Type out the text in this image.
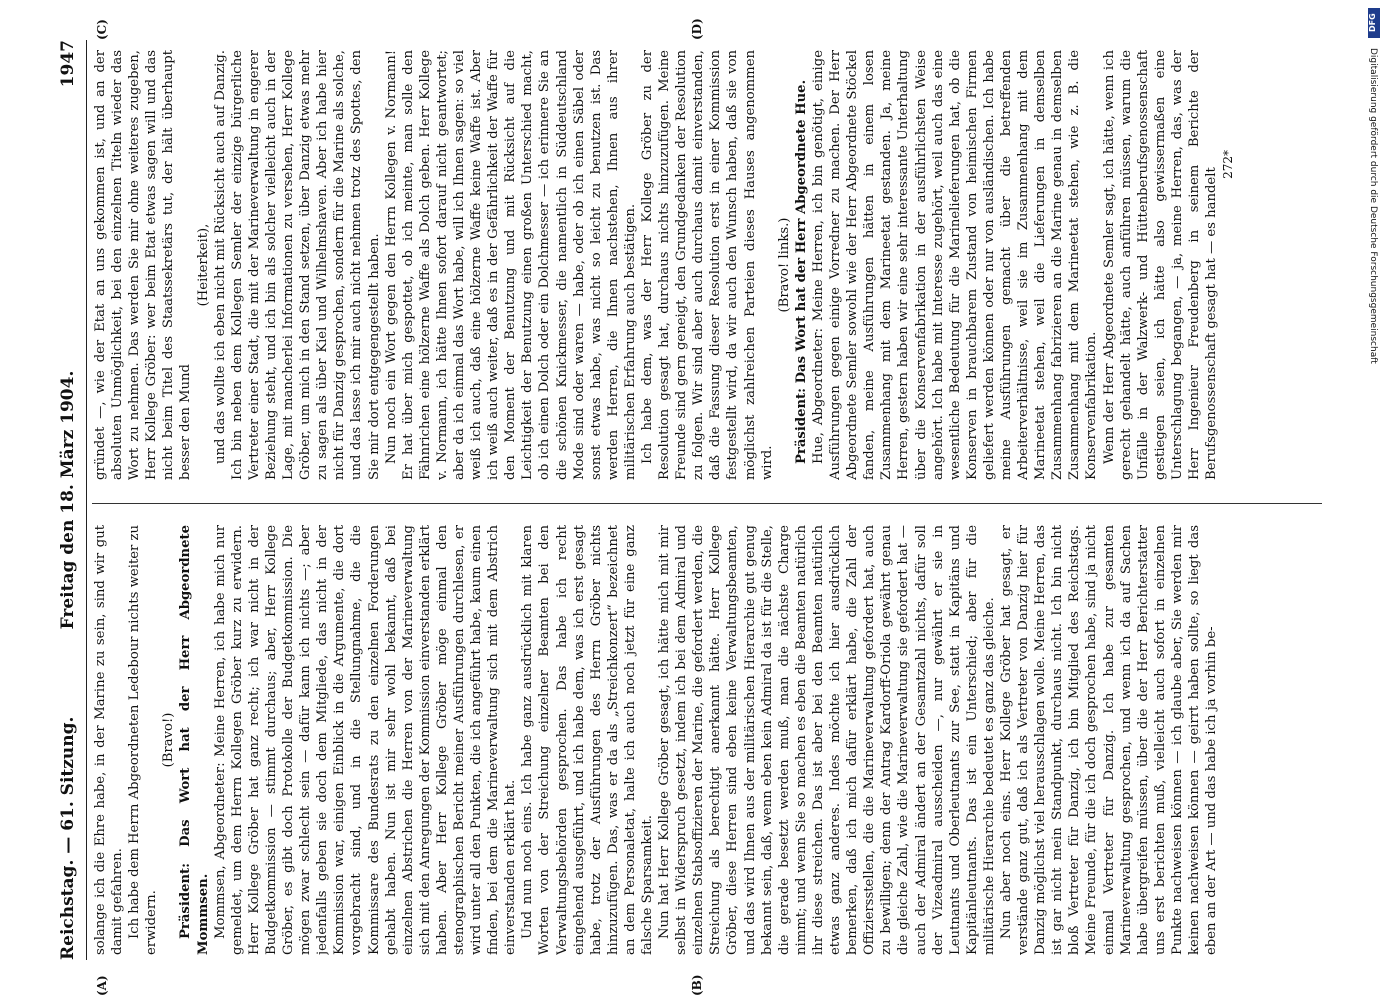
Reichstag. — 61. Sitzung.
Freitag den 18. März 1904.
1947
(A)	(B)
(C)	(D)

solange ich die Ehre habe, in der Marine zu sein, sind wir gut damit gefahren. Ich habe dem Herrn Abgeordneten Ledebour nichts weiter zu erwidern.

(Bravo!) Präsident: Das Wort hat der Herr Abgeordnete Mommsen. Mommsen, Abgeordneter: Meine Herren, ich habe mich nur gemeldet, um dem Herrn Kollegen Gröber kurz zu erwidern. Herr Kollege Gröber hat ganz recht; ich war nicht in der Budgetkommission — stimmt durchaus; aber, Herr Kollege Gröber, es gibt doch Protokolle der Budgetkommission. Die mögen zwar schlecht sein — dafür kann ich nichts —; aber jedenfalls geben sie doch dem Mitgliede, das nicht in der Kommission war, einigen Einblick in die Argumente, die dort vorgebracht sind, und in die Stellungnahme, die die Kommissare des Bundesrats zu den einzelnen Forderungen gehabt haben. Nun ist mir sehr wohl bekannt, daß bei einzelnen Abstrichen die Herren von der Marineverwaltung sich mit den Anregungen der Kommission einverstanden erklärt haben. Aber Herr Kollege Gröber möge einmal den stenographischen Bericht meiner Ausführungen durchlesen, er wird unter all den Punkten, die ich angeführt habe, kaum einen finden, bei dem die Marineverwaltung sich mit dem Abstrich einverstanden erklärt hat. Und nun noch eins. Ich habe ganz ausdrücklich mit klaren Worten von der Streichung einzelner Beamten bei den Verwaltungsbehörden gesprochen. Das habe ich recht eingehend ausgeführt, und ich habe dem, was ich erst gesagt habe, trotz der Ausführungen des Herrn Gröber nichts hinzuzufügen. Das, was er da als „Streichkonzert“ bezeichnet an dem Personaletat, halte ich auch noch jetzt für eine ganz falsche Sparsamkeit. Nun hat Herr Kollege Gröber gesagt, ich hätte mich mit mir selbst in Widerspruch gesetzt, indem ich bei dem Admiral und einzelnen Stabsoffizieren der Marine, die gefordert werden, die Streichung als berechtigt anerkannt hätte. Herr Kollege Gröber, diese Herren sind eben keine Verwaltungsbeamten, und das wird Ihnen aus der militärischen Hierarchie gut genug bekannt sein, daß, wenn eben kein Admiral da ist für die Stelle, die gerade besetzt werden muß, man die nächste Charge nimmt; und wenn Sie so machen es eben die Beamten natürlich ihr diese streichen. Das ist aber bei den Beamten natürlich etwas ganz anderes. Indes möchte ich hier ausdrücklich bemerken, daß ich mich dafür erklärt habe, die Zahl der Offiziersstellen, die die Marineverwaltung gefordert hat, auch zu bewilligen; denn der Antrag Kardorff-Oriola gewährt genau die gleiche Zahl, wie die Marineverwaltung sie gefordert hat — auch der Admiral ändert an der Gesamtzahl nichts, dafür soll der Vizeadmiral ausscheiden —, nur gewährt er sie in Leutnants und Oberleutnants zur See, statt in Kapitäns und Kapitänleutnants. Das ist ein Unterschied; aber für die militärische Hierarchie bedeutet es ganz das gleiche. Nun aber noch eins. Herr Kollege Gröber hat gesagt, er verstände ganz gut, daß ich als Vertreter von Danzig hier für Danzig möglichst viel herausschlagen wolle. Meine Herren, das ist gar nicht mein Standpunkt, durchaus nicht. Ich bin nicht bloß Vertreter für Danzig, ich bin Mitglied des Reichstags. Meine Freunde, für die ich doch gesprochen habe, sind ja nicht einmal Vertreter für Danzig. Ich habe zur gesamten Marineverwaltung gesprochen, und wenn ich da auf Sachen habe übergreifen müssen, über die der Herr Berichterstatter uns erst berichten muß, vielleicht auch sofort in einzelnen Punkte nachweisen können — ich glaube aber, Sie werden mir keinen nachweisen können — geirrt haben sollte, so liegt das eben an der Art — und das habe ich ja vorhin be-

gründet —, wie der Etat an uns gekommen ist, und an der absoluten Unmöglichkeit, bei den einzelnen Titeln wieder das Wort zu nehmen. Das werden Sie mir ohne weiteres zugeben, Herr Kollege Gröber: wer beim Etat etwas sagen will und das nicht beim Titel des Staatssekretärs tut, der hält überhaupt besser den Mund

(Heiterkeit), und das wollte ich eben nicht mit Rücksicht auch auf Danzig. Ich bin neben dem Kollegen Semler der einzige bürgerliche Vertreter einer Stadt, die mit der Marineverwaltung in engerer Beziehung steht, und ich bin als solcher vielleicht auch in der Lage, mit mancherlei Informationen zu versehen, Herr Kollege Gröber, um mich in den Stand setzen, über Danzig etwas mehr zu sagen als über Kiel und Wilhelmshaven. Aber ich habe hier nicht für Danzig gesprochen, sondern für die Marine als solche, und das lasse ich mir auch nicht nehmen trotz des Spottes, den Sie mir dort entgegengestellt haben. Nun noch ein Wort gegen den Herrn Kollegen v. Normann! Er hat über mich gespottet, ob ich meinte, man solle den Fähnrichen eine hölzerne Waffe als Dolch geben. Herr Kollege v. Normann, ich hätte Ihnen sofort darauf nicht geantwortet; aber da ich einmal das Wort habe, will ich Ihnen sagen: so viel weiß ich auch, daß eine hölzerne Waffe keine Waffe ist. Aber ich weiß auch weiter, daß es in der Gefährlichkeit der Waffe für den Moment der Benutzung und mit Rücksicht auf die Leichtigkeit der Benutzung einen großen Unterschied macht, ob ich einen Dolch oder ein Dolchmesser — ich erinnere Sie an die schönen Knickmesser, die namentlich in Süddeutschland Mode sind oder waren — habe, oder ob ich einen Säbel oder sonst etwas habe, was nicht so leicht zu benutzen ist. Das werden Herren, die Ihnen nachstehen, Ihnen aus ihrer militärischen Erfahrung auch bestätigen. Ich habe dem, was der Herr Kollege Gröber zu der Resolution gesagt hat, durchaus nichts hinzuzufügen. Meine Freunde sind gern geneigt, den Grundgedanken der Resolution zu folgen. Wir sind aber auch durchaus damit einverstanden, daß die Fassung dieser Resolution erst in einer Kommission festgestellt wird, da wir auch den Wunsch haben, daß sie von möglichst zahlreichen Parteien dieses Hauses angenommen wird.

(Bravo! links.) Präsident: Das Wort hat der Herr Abgeordnete Hue. Hue, Abgeordneter: Meine Herren, ich bin genötigt, einige Ausführungen gegen einige Vorredner zu machen. Der Herr Abgeordnete Semler sowohl wie der Herr Abgeordnete Stöckel fanden, meine Ausführungen hätten in einem losen Zusammenhang mit dem Marineetat gestanden. Ja, meine Herren, gestern haben wir eine sehr interessante Unterhaltung über die Konservenfabrikation in der ausführlichsten Weise angehört. Ich habe mit Interesse zugehört, weil auch das eine wesentliche Bedeutung für die Marinelieferungen hat, ob die Konserven in brauchbarem Zustand von heimischen Firmen geliefert werden können oder nur von ausländischen. Ich habe meine Ausführungen gemacht über die betreffenden Arbeiterverhältnisse, weil sie im Zusammenhang mit dem Marineetat stehen, weil die Lieferungen in demselben Zusammenhang fabrizieren an die Marine genau in demselben Zusammenhang mit dem Marineetat stehen, wie z. B. die Konservenfabrikation. Wenn der Herr Abgeordnete Semler sagt, ich hätte, wenn ich gerecht gehandelt hätte, auch anführen müssen, warum die Unfälle in der Walzwerk- und Hüttenberufsgenossenschaft gestiegen seien, ich hätte also gewissermaßen eine Unterschlagung begangen, — ja, meine Herren, das, was der Herr Ingenieur Freudenberg in seinem Berichte der Berufsgenossenschaft gesagt hat — es handelt

272*

DFG
Digitalisierung gefördert durch die Deutsche Forschungsgemeinschaft
